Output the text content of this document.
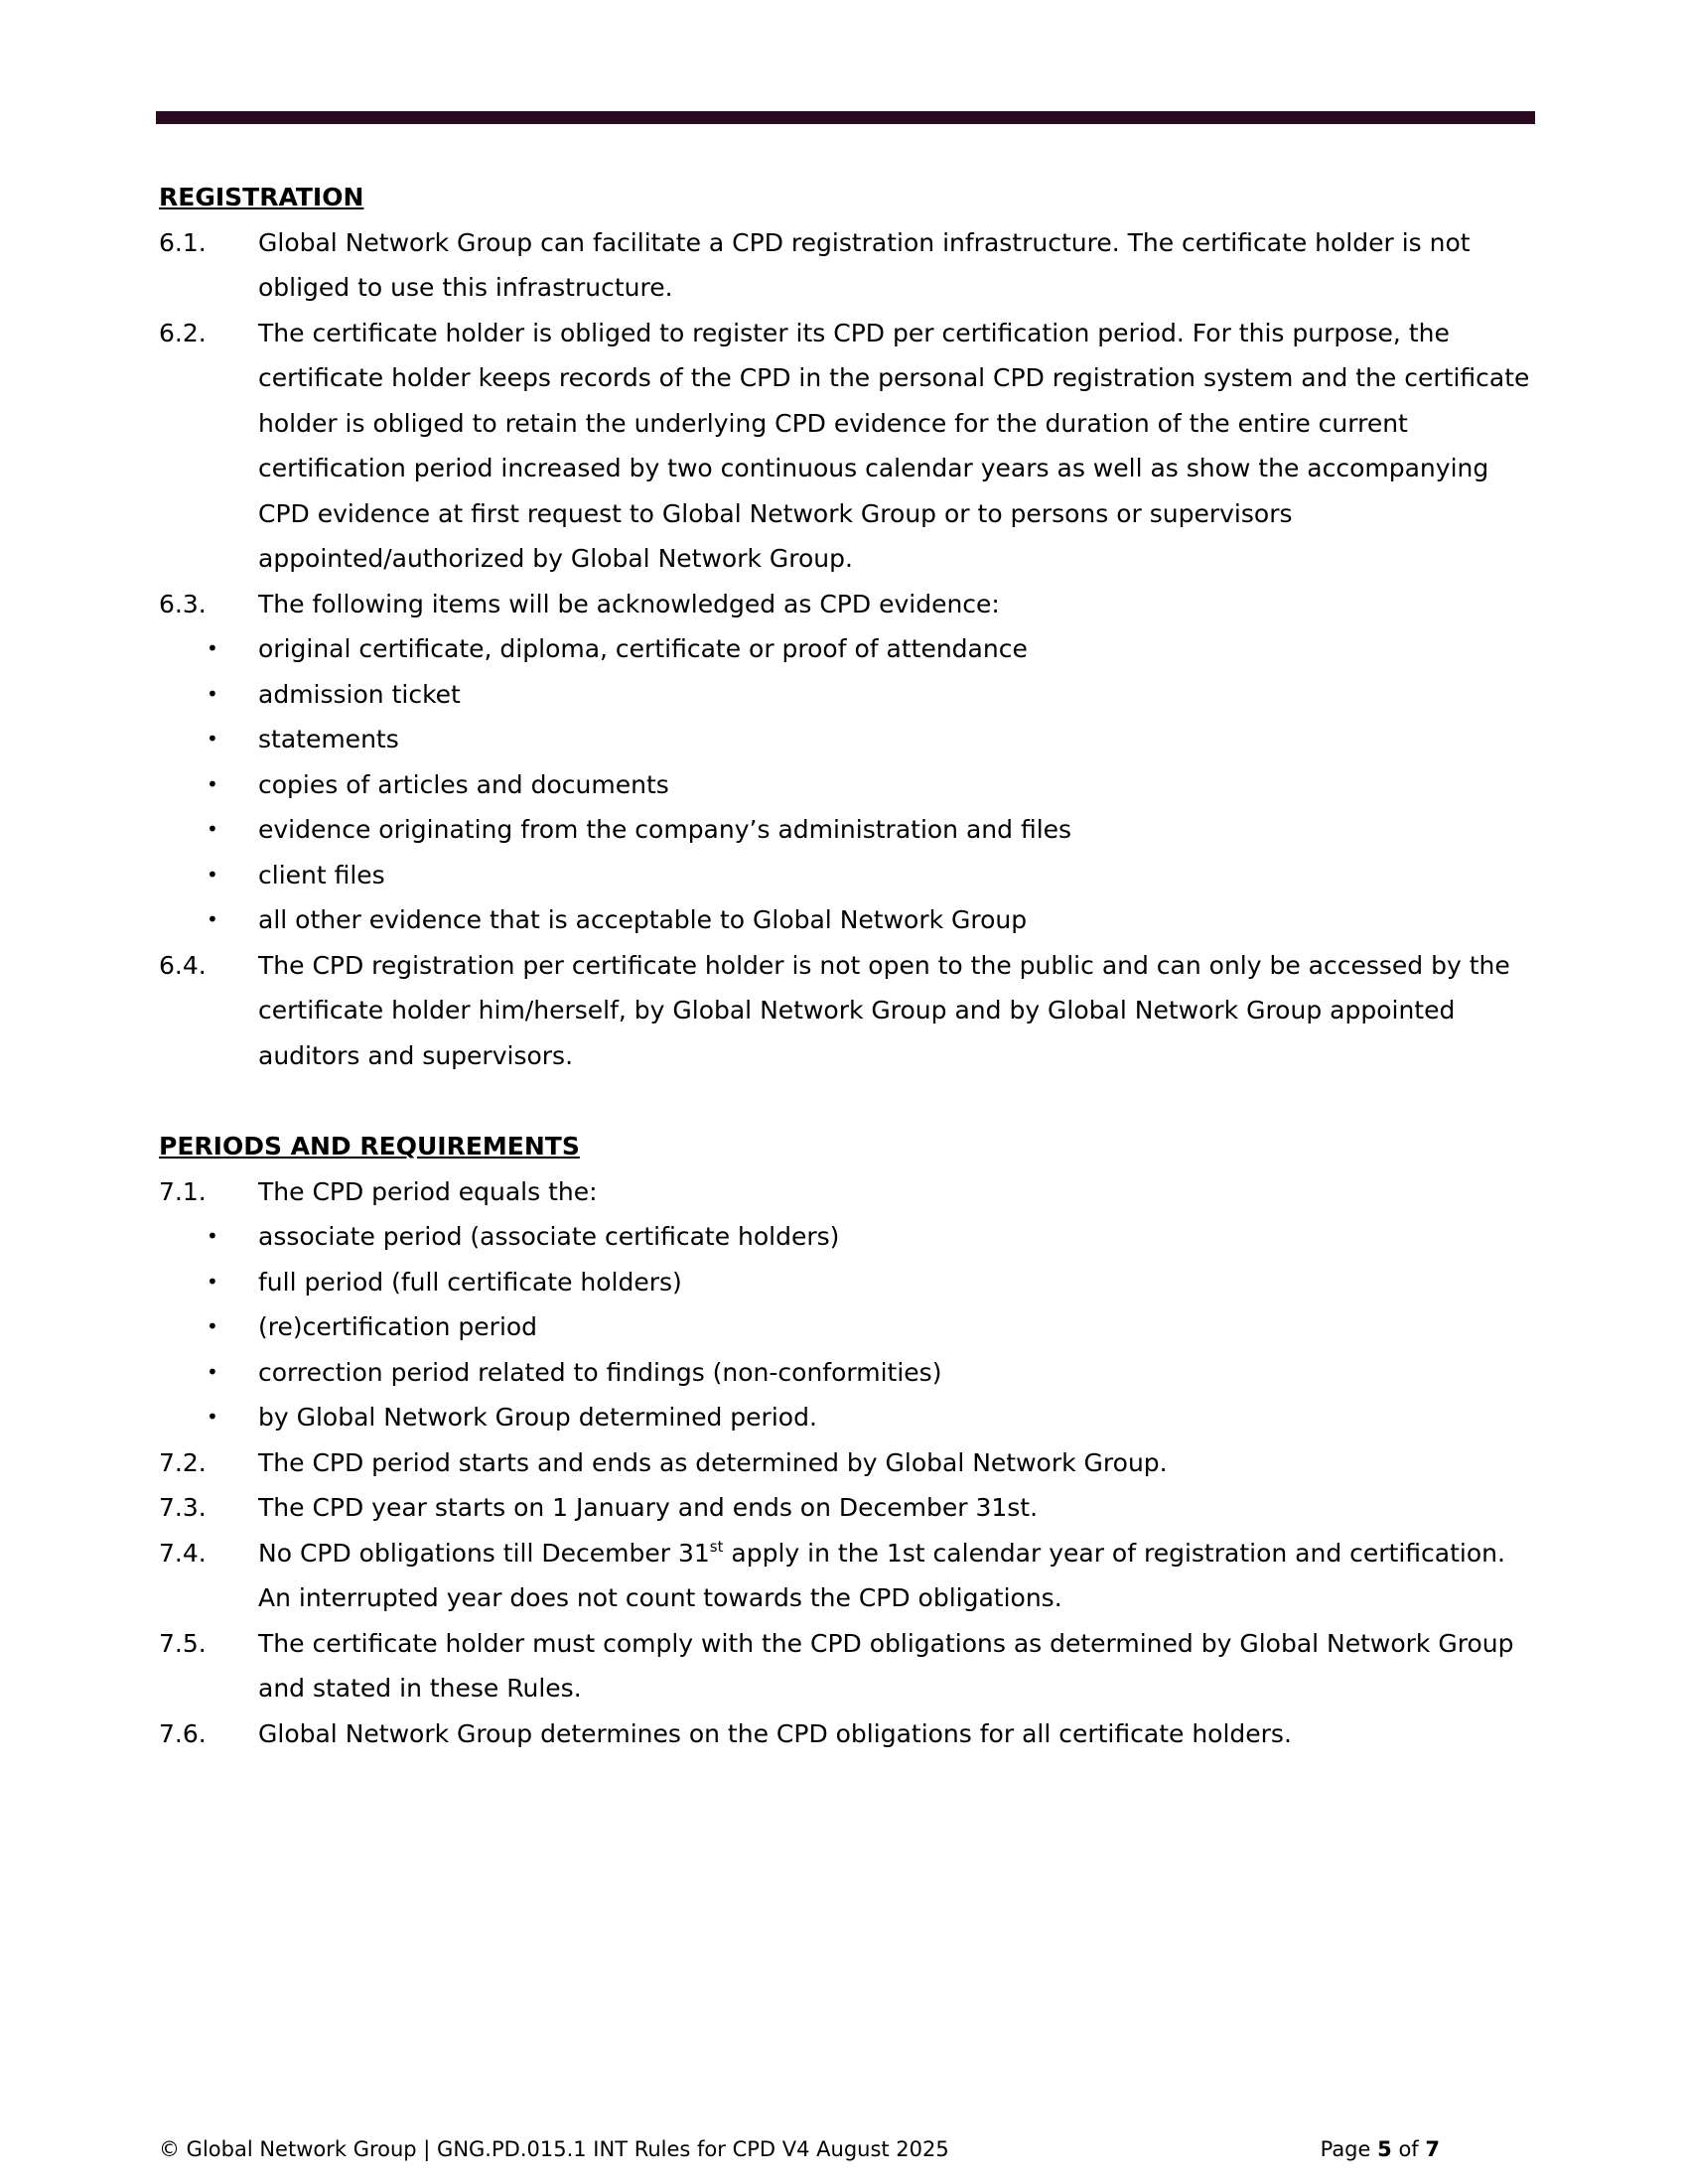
REGISTRATION

6.1.	Global Network Group can facilitate a CPD registration infrastructure. The certificate holder is not obliged to use this infrastructure.
6.2.	The certificate holder is obliged to register its CPD per certification period. For this purpose, the certificate holder keeps records of the CPD in the personal CPD registration system and the certificate holder is obliged to retain the underlying CPD evidence for the duration of the entire current certification period increased by two continuous calendar years as well as show the accompanying CPD evidence at first request to Global Network Group or to persons or supervisors appointed/authorized by Global Network Group.
6.3.	The following items will be acknowledged as CPD evidence:
•	original certificate, diploma, certificate or proof of attendance
•	admission ticket
•	statements
•	copies of articles and documents
•	evidence originating from the company’s administration and files
•	client files
•	all other evidence that is acceptable to Global Network Group
6.4.	The CPD registration per certificate holder is not open to the public and can only be accessed by the certificate holder him/herself, by Global Network Group and by Global Network Group appointed auditors and supervisors.

PERIODS AND REQUIREMENTS

7.1.	The CPD period equals the:
•	associate period (associate certificate holders)
•	full period (full certificate holders)
•	(re)certification period
•	correction period related to findings (non-conformities)
•	by Global Network Group determined period.
7.2.	The CPD period starts and ends as determined by Global Network Group.
7.3.	The CPD year starts on 1 January and ends on December 31st.
7.4.	No CPD obligations till December 31st apply in the 1st calendar year of registration and certification. An interrupted year does not count towards the CPD obligations.
7.5.	The certificate holder must comply with the CPD obligations as determined by Global Network Group and stated in these Rules.
7.6.	Global Network Group determines on the CPD obligations for all certificate holders.
© Global Network Group | GNG.PD.015.1 INT Rules for CPD V4 August 2025	Page 5 of 7
